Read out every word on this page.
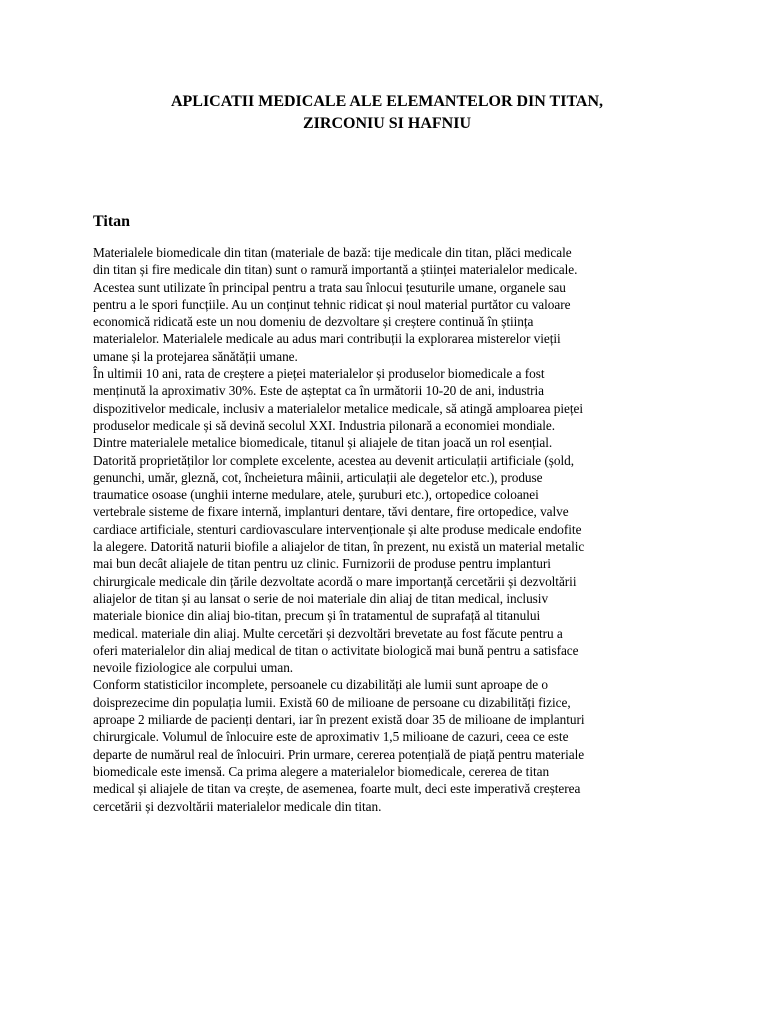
APLICATII MEDICALE ALE ELEMANTELOR DIN TITAN,
ZIRCONIU SI HAFNIU
Titan
Materialele biomedicale din titan (materiale de bază: tije medicale din titan, plăci medicale
din titan și fire medicale din titan) sunt o ramură importantă a științei materialelor medicale.
Acestea sunt utilizate în principal pentru a trata sau înlocui țesuturile umane, organele sau
pentru a le spori funcțiile. Au un conținut tehnic ridicat și noul material purtător cu valoare
economică ridicată este un nou domeniu de dezvoltare și creștere continuă în știința
materialelor. Materialele medicale au adus mari contribuții la explorarea misterelor vieții
umane și la protejarea sănătății umane.
În ultimii 10 ani, rata de creștere a pieței materialelor și produselor biomedicale a fost
menținută la aproximativ 30%. Este de așteptat ca în următorii 10-20 de ani, industria
dispozitivelor medicale, inclusiv a materialelor metalice medicale, să atingă amploarea pieței
produselor medicale și să devină secolul XXI. Industria pilonară a economiei mondiale.
Dintre materialele metalice biomedicale, titanul și aliajele de titan joacă un rol esențial.
Datorită proprietăților lor complete excelente, acestea au devenit articulații artificiale (șold,
genunchi, umăr, gleznă, cot, încheietura mâinii, articulații ale degetelor etc.), produse
traumatice osoase (unghii interne medulare, atele, șuruburi etc.), ortopedice coloanei
vertebrale sisteme de fixare internă, implanturi dentare, tăvi dentare, fire ortopedice, valve
cardiace artificiale, stenturi cardiovasculare intervenționale și alte produse medicale endofite
la alegere. Datorită naturii biofile a aliajelor de titan, în prezent, nu există un material metalic
mai bun decât aliajele de titan pentru uz clinic. Furnizorii de produse pentru implanturi
chirurgicale medicale din țările dezvoltate acordă o mare importanță cercetării și dezvoltării
aliajelor de titan și au lansat o serie de noi materiale din aliaj de titan medical, inclusiv
materiale bionice din aliaj bio-titan, precum și în tratamentul de suprafață al titanului
medical. materiale din aliaj. Multe cercetări și dezvoltări brevetate au fost făcute pentru a
oferi materialelor din aliaj medical de titan o activitate biologică mai bună pentru a satisface
nevoile fiziologice ale corpului uman.
Conform statisticilor incomplete, persoanele cu dizabilități ale lumii sunt aproape de o
doisprezecime din populația lumii. Există 60 de milioane de persoane cu dizabilități fizice,
aproape 2 miliarde de pacienți dentari, iar în prezent există doar 35 de milioane de implanturi
chirurgicale. Volumul de înlocuire este de aproximativ 1,5 milioane de cazuri, ceea ce este
departe de numărul real de înlocuiri. Prin urmare, cererea potențială de piață pentru materiale
biomedicale este imensă. Ca prima alegere a materialelor biomedicale, cererea de titan
medical și aliajele de titan va crește, de asemenea, foarte mult, deci este imperativă creșterea
cercetării și dezvoltării materialelor medicale din titan.
